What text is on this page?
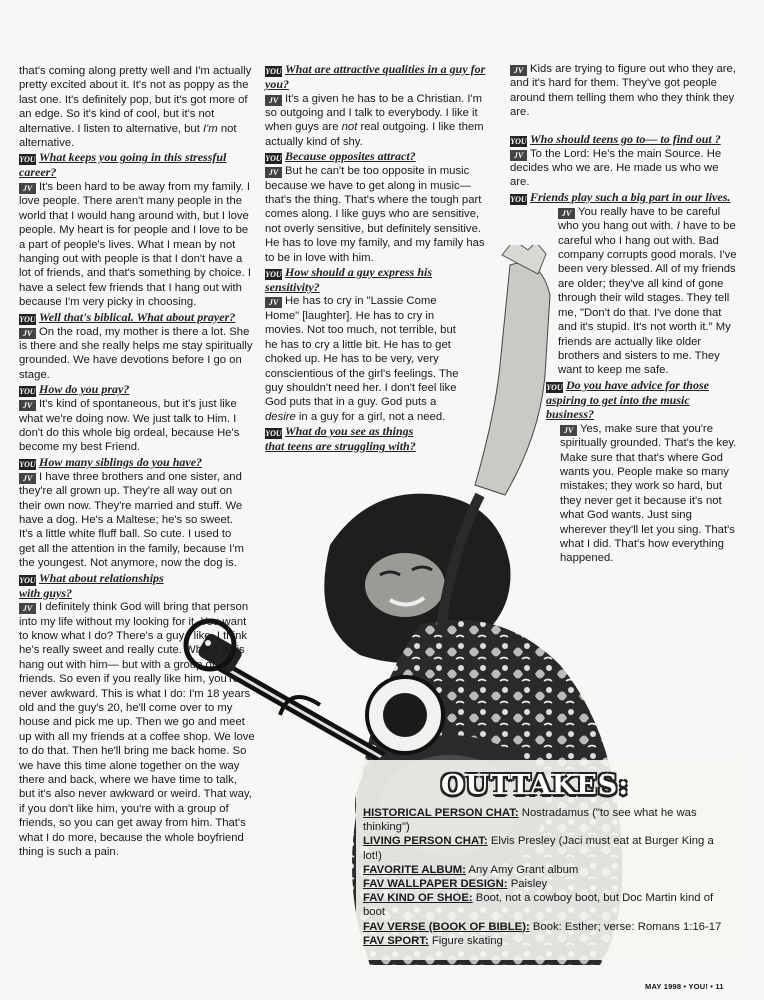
that's coming along pretty well and I'm actually pretty excited about it. It's not as poppy as the last one. It's definitely pop, but it's got more of an edge. So it's kind of cool, but it's not alternative. I listen to alternative, but I'm not alternative.

YOU What keeps you going in this stressful career?

JV It's been hard to be away from my family. I love people. There aren't many people in the world that I would hang around with, but I love people. My heart is for people and I love to be a part of people's lives. What I mean by not hanging out with people is that I don't have a lot of friends, and that's something by choice. I have a select few friends that I hang out with because I'm very picky in choosing.

YOU Well that's biblical. What about prayer?

JV On the road, my mother is there a lot. She is there and she really helps me stay spiritually grounded. We have devotions before I go on stage.

YOU How do you pray?

JV It's kind of spontaneous, but it's just like what we're doing now. We just talk to Him. I don't do this whole big ordeal, because He's become my best Friend.

YOU How many siblings do you have?

JV I have three brothers and one sister, and they're all grown up. They're all way out on their own now. They're married and stuff. We have a dog. He's a Maltese; he's so sweet. It's a little white fluff ball. So cute. I used to get all the attention in the family, because I'm the youngest. Not anymore, now the dog is.

YOU What about relationships with guys?

JV I definitely think God will bring that person into my life without my looking for it. You want to know what I do? There's a guy I like. I think he's really sweet and really cute. What I do is hang out with him— but with a group of friends. So even if you really like him, you're never awkward. This is what I do: I'm 18 years old and the guy's 20, he'll come over to my house and pick me up. Then we go and meet up with all my friends at a coffee shop. We love to do that. Then he'll bring me back home. So we have this time alone together on the way there and back, where we have time to talk, but it's also never awkward or weird. That way, if you don't like him, you're with a group of friends, so you can get away from him. That's what I do more, because the whole boyfriend thing is such a pain.

YOU What are attractive qualities in a guy for you?

JV It's a given he has to be a Christian. I'm so outgoing and I talk to everybody. I like it when guys are not real outgoing. I like them actually kind of shy.

YOU Because opposites attract?

JV But he can't be too opposite in music because we have to get along in music— that's the thing. That's where the tough part comes along. I like guys who are sensitive, not overly sensitive, but definitely sensitive. He has to love my family, and my family has to be in love with him.

YOU How should a guy express his sensitivity?

JV He has to cry in "Lassie Come Home" [laughter]. He has to cry in movies. Not too much, not terrible, but he has to cry a little bit. He has to get choked up. He has to be very, very conscientious of the girl's feelings. The guy shouldn't need her. I don't feel like God puts that in a guy. God puts a desire in a guy for a girl, not a need.

YOU What do you see as things that teens are struggling with?

JV Kids are trying to figure out who they are, and it's hard for them. They've got people around them telling them who they think they are.

YOU Who should teens go to— to find out ?

JV To the Lord: He's the main Source. He decides who we are. He made us who we are.

YOU Friends play such a big part in our lives.

JV You really have to be careful who you hang out with. I have to be careful who I hang out with. Bad company corrupts good morals. I've been very blessed. All of my friends are older; they've all kind of gone through their wild stages. They tell me, "Don't do that. I've done that and it's stupid. It's not worth it." My friends are actually like older brothers and sisters to me. They want to keep me safe.

YOU Do you have advice for those aspiring to get into the music business?

JV Yes, make sure that you're spiritually grounded. That's the key. Make sure that that's where God wants you. People make so many mistakes; they work so hard, but they never get it because it's not what God wants. Just sing wherever they'll let you sing. That's what I did. That's how everything happened.

OUTTAKES:

HISTORICAL PERSON CHAT: Nostradamus ("to see what he was thinking")

LIVING PERSON CHAT: Elvis Presley (Jaci must eat at Burger King a lot!)

FAVORITE ALBUM: Any Amy Grant album

FAV WALLPAPER DESIGN: Paisley

FAV KIND OF SHOE: Boot, not a cowboy boot, but Doc Martin kind of boot

FAV VERSE (BOOK OF BIBLE): Book: Esther; verse: Romans 1:16-17

FAV SPORT: Figure skating

MAY 1998 • YOU! • 11
